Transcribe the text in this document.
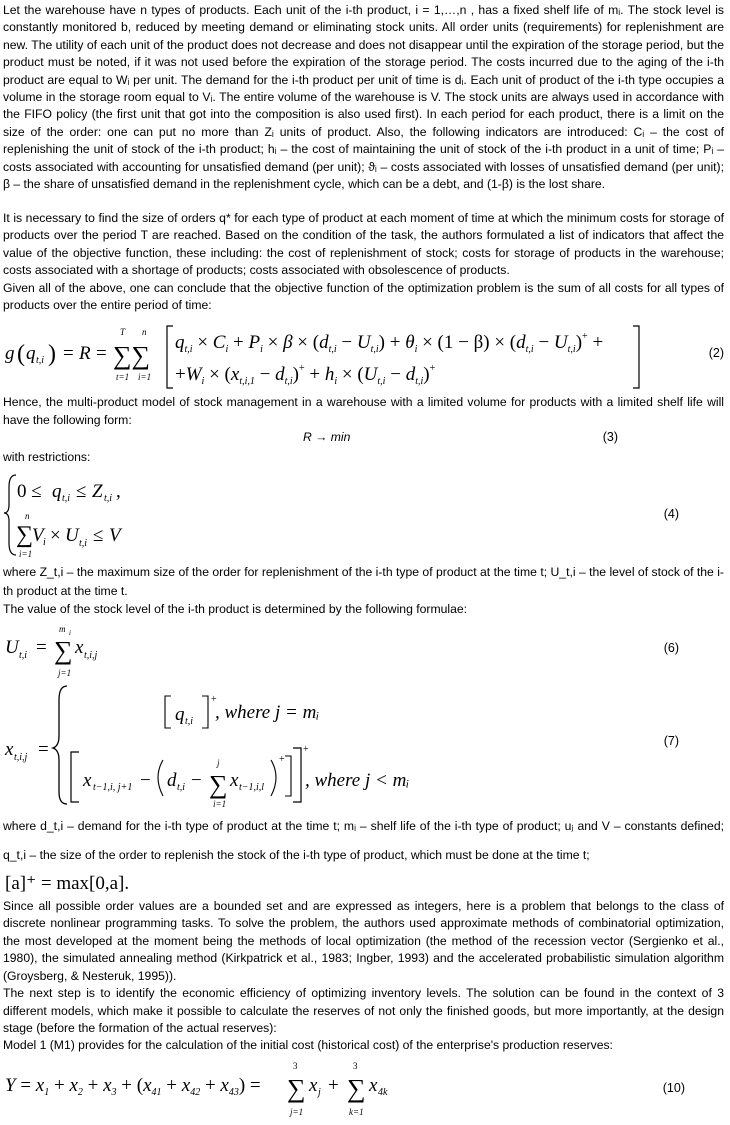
Let the warehouse have n types of products. Each unit of the i-th product, i = 1,…,n , has a fixed shelf life of mᵢ. The stock level is constantly monitored b, reduced by meeting demand or eliminating stock units. All order units (requirements) for replenishment are new. The utility of each unit of the product does not decrease and does not disappear until the expiration of the storage period, but the product must be noted, if it was not used before the expiration of the storage period. The costs incurred due to the aging of the i-th product are equal to Wᵢ per unit. The demand for the i-th product per unit of time is dᵢ. Each unit of product of the i-th type occupies a volume in the storage room equal to Vᵢ. The entire volume of the warehouse is V. The stock units are always used in accordance with the FIFO policy (the first unit that got into the composition is also used first). In each period for each product, there is a limit on the size of the order: one can put no more than Zᵢ units of product. Also, the following indicators are introduced: Cᵢ – the cost of replenishing the unit of stock of the i-th product; hᵢ – the cost of maintaining the unit of stock of the i-th product in a unit of time; Pᵢ – costs associated with accounting for unsatisfied demand (per unit); ϑᵢ – costs associated with losses of unsatisfied demand (per unit); β – the share of unsatisfied demand in the replenishment cycle, which can be a debt, and (1-β) is the lost share.

It is necessary to find the size of orders q* for each type of product at each moment of time at which the minimum costs for storage of products over the period T are reached. Based on the condition of the task, the authors formulated a list of indicators that affect the value of the objective function, these including: the cost of replenishment of stock; costs for storage of products in the warehouse; costs associated with a shortage of products; costs associated with obsolescence of products.

Given all of the above, one can conclude that the objective function of the optimization problem is the sum of all costs for all types of products over the entire period of time:

g ( q t,i ) = R = ∑∑
T n
t=1 i=1
$q_{t,i} \times C_i + P_i \times \beta \times (d_{t,i} - U_{t,i}) + \theta_i \times (1 - \beta) \times (d_{t,i} - U_{t,i})^+$ +
$+W_i \times (x_{t,i,1} - d_{t,i})^+ + h_i \times (U_{t,i} - d_{t,i})^+$
(2)

Hence, the multi-product model of stock management in a warehouse with a limited volume for products with a limited shelf life will have the following form:

R → min	(3)

with restrictions:

0 ≤ q t,i ≤ Z t,i ,
n
∑
V i × U t,i ≤ V
i=1
(4)

where Z_t,i – the maximum size of the order for replenishment of the i-th type of product at the time t; U_t,i – the level of stock of the i-th product at the time t.

The value of the stock level of the i-th product is determined by the following formulae:

U t,i = ∑
m i
j=1
x t,i,j
(6)
x t,i,j =
q t,i
+
x t−1,i, j+1 − d t,i − ∑
j
i=1
x t−1,i,l
+
+
, where j = mᵢ
, where j < mᵢ
(7)

where d_t,i – demand for the i-th type of product at the time t; mᵢ – shelf life of the i-th type of product; uⱼ and V – constants defined; q_t,i – the size of the order to replenish the stock of the i-th type of product, which must be done at the time t;

[a]⁺ = max[0,a].

Since all possible order values are a bounded set and are expressed as integers, here is a problem that belongs to the class of discrete nonlinear programming tasks. To solve the problem, the authors used approximate methods of combinatorial optimization, the most developed at the moment being the methods of local optimization (the method of the recession vector (Sergienko et al., 1980), the simulated annealing method (Kirkpatrick et al., 1983; Ingber, 1993) and the accelerated probabilistic simulation algorithm (Groysberg, & Nesteruk, 1995)).

The next step is to identify the economic efficiency of optimizing inventory levels. The solution can be found in the context of 3 different models, which make it possible to calculate the reserves of not only the finished goods, but more importantly, at the design stage (before the formation of the actual reserves):

Model 1 (M1) provides for the calculation of the initial cost (historical cost) of the enterprise's production reserves:

$Y = x_1 + x_2 + x_3 + (x_{41} + x_{42} + x_{43})$ = ∑
3
j=1
x j + ∑
3
k=1
x 4k	(10)
